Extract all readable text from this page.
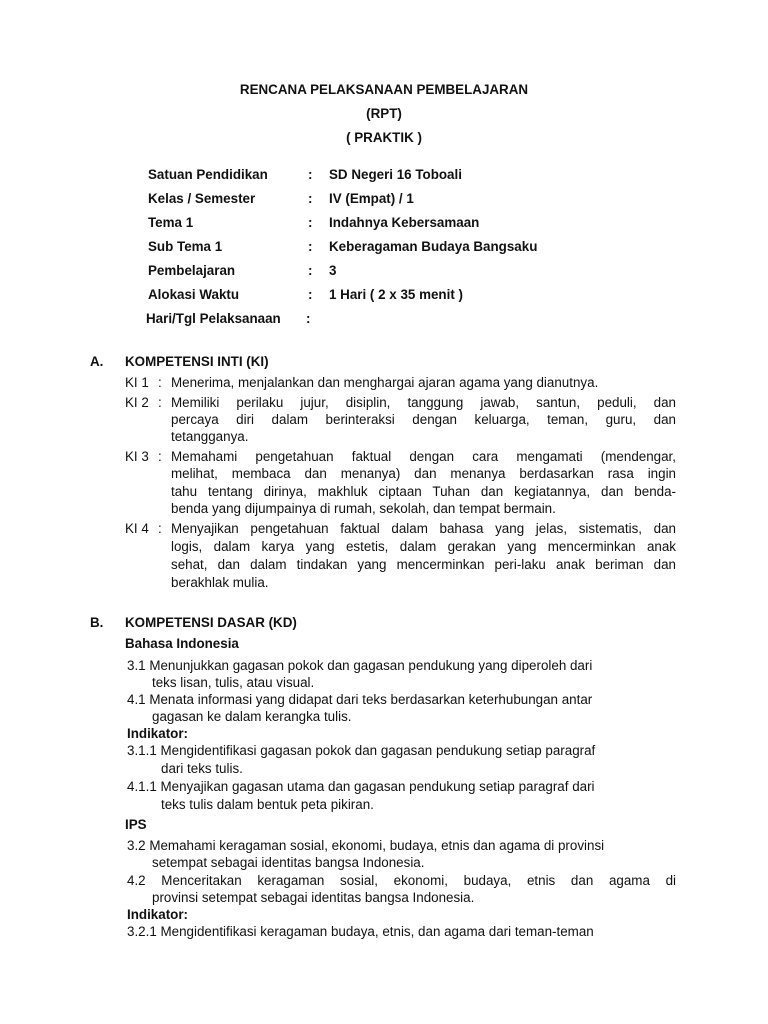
RENCANA PELAKSANAAN PEMBELAJARAN
(RPT)
( PRAKTIK )
Satuan Pendidikan	: SD Negeri 16 Toboali
Kelas / Semester	: IV (Empat) / 1
Tema 1	: Indahnya Kebersamaan
Sub Tema 1	: Keberagaman Budaya Bangsaku
Pembelajaran	: 3
Alokasi Waktu	: 1 Hari ( 2 x 35 menit )
Hari/Tgl Pelaksanaan :
A. KOMPETENSI INTI (KI)
KI 1 : Menerima, menjalankan dan menghargai ajaran agama yang dianutnya.
KI 2 : Memiliki perilaku jujur, disiplin, tanggung jawab, santun, peduli, dan
percaya diri dalam berinteraksi dengan keluarga, teman, guru, dan
tetangganya.
KI 3 : Memahami pengetahuan faktual dengan cara mengamati (mendengar,
melihat, membaca dan menanya) dan menanya berdasarkan rasa ingin
tahu tentang dirinya, makhluk ciptaan Tuhan dan kegiatannya, dan benda-
benda yang dijumpainya di rumah, sekolah, dan tempat bermain.
KI 4 : Menyajikan pengetahuan faktual dalam bahasa yang jelas, sistematis, dan
logis, dalam karya yang estetis, dalam gerakan yang mencerminkan anak
sehat, dan dalam tindakan yang mencerminkan peri-laku anak beriman dan
berakhlak mulia.
B. KOMPETENSI DASAR (KD)
Bahasa Indonesia
3.1 Menunjukkan gagasan pokok dan gagasan pendukung yang diperoleh dari
teks lisan, tulis, atau visual.
4.1 Menata informasi yang didapat dari teks berdasarkan keterhubungan antar
gagasan ke dalam kerangka tulis.
Indikator:
3.1.1 Mengidentifikasi gagasan pokok dan gagasan pendukung setiap paragraf
dari teks tulis.
4.1.1 Menyajikan gagasan utama dan gagasan pendukung setiap paragraf dari
teks tulis dalam bentuk peta pikiran.
IPS
3.2 Memahami keragaman sosial, ekonomi, budaya, etnis dan agama di provinsi
setempat sebagai identitas bangsa Indonesia.
4.2 Menceritakan keragaman sosial, ekonomi, budaya, etnis dan agama di
provinsi setempat sebagai identitas bangsa Indonesia.
Indikator:
3.2.1 Mengidentifikasi keragaman budaya, etnis, dan agama dari teman-teman
